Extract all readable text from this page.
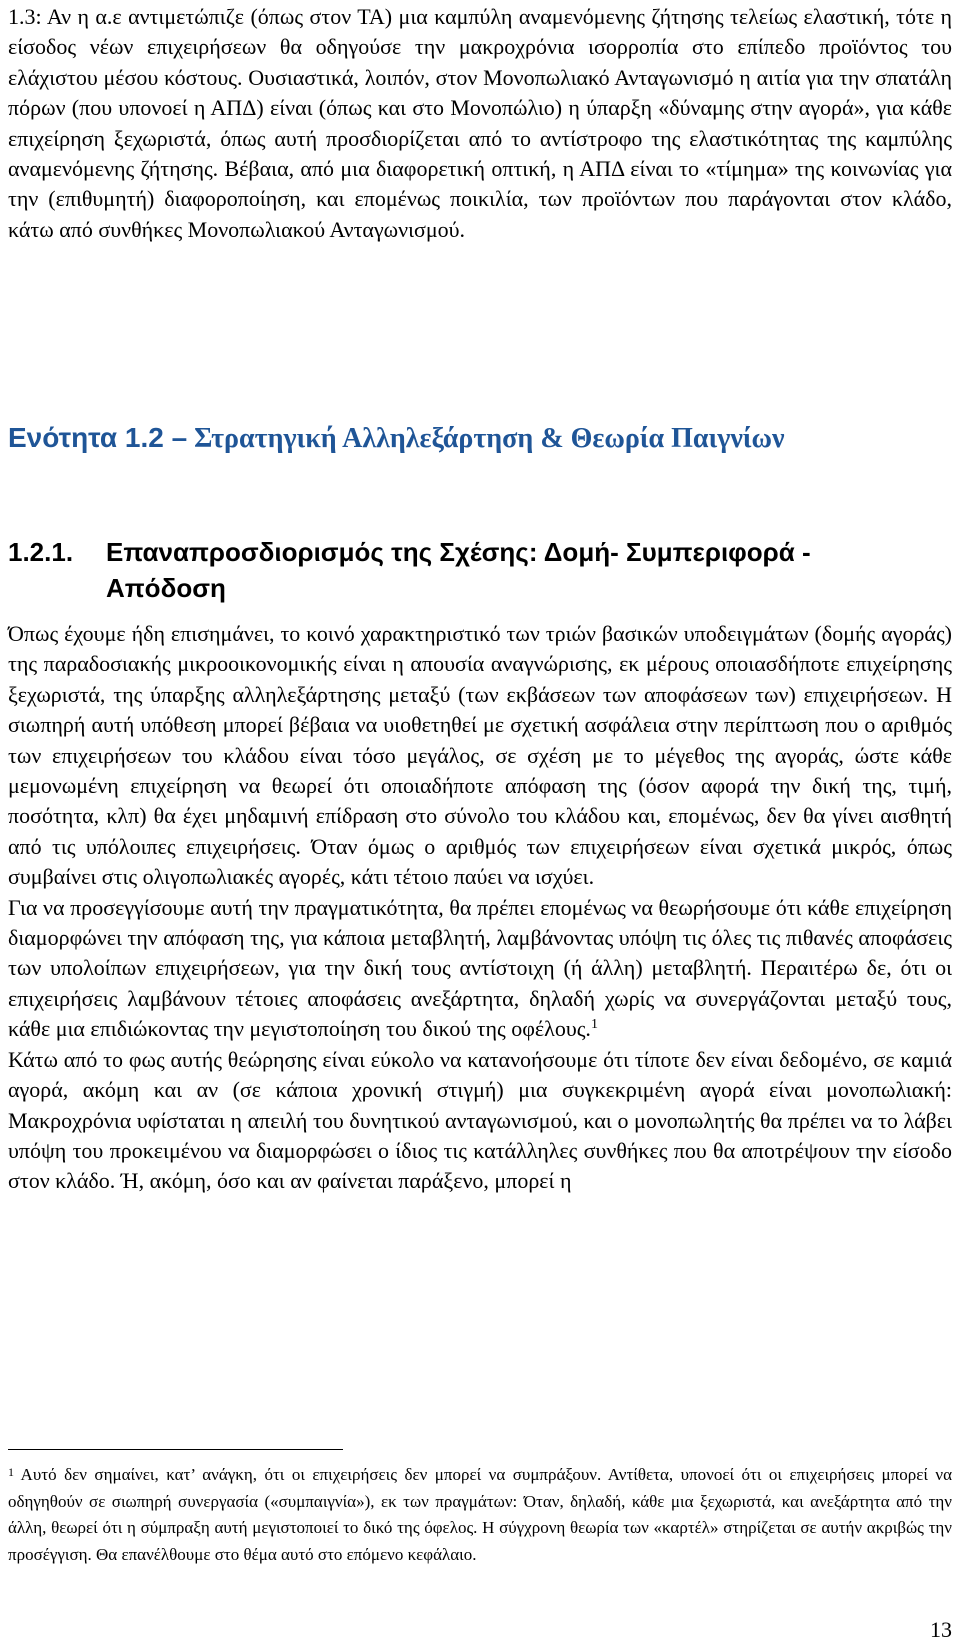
1.3: Αν η α.ε αντιμετώπιζε (όπως στον ΤΑ) μια καμπύλη αναμενόμενης ζήτησης τελείως ελαστική, τότε η είσοδος νέων επιχειρήσεων θα οδηγούσε την μακροχρόνια ισορροπία στο επίπεδο προϊόντος του ελάχιστου μέσου κόστους. Ουσιαστικά, λοιπόν, στον Μονοπωλιακό Ανταγωνισμό η αιτία για την σπατάλη πόρων (που υπονοεί η ΑΠΔ) είναι (όπως και στο Μονοπώλιο) η ύπαρξη «δύναμης στην αγορά», για κάθε επιχείρηση ξεχωριστά, όπως αυτή προσδιορίζεται από το αντίστροφο της ελαστικότητας της καμπύλης αναμενόμενης ζήτησης. Βέβαια, από μια διαφορετική οπτική, η ΑΠΔ είναι το «τίμημα» της κοινωνίας για την (επιθυμητή) διαφοροποίηση, και επομένως ποικιλία, των προϊόντων που παράγονται στον κλάδο, κάτω από συνθήκες Μονοπωλιακού Ανταγωνισμού.

Ενότητα 1.2 – Στρατηγική Αλληλεξάρτηση & Θεωρία Παιγνίων
1.2.1. Επαναπροσδιορισμός της Σχέσης: Δομή- Συμπεριφορά -
Απόδοση

Όπως έχουμε ήδη επισημάνει, το κοινό χαρακτηριστικό των τριών βασικών υποδειγμάτων (δομής αγοράς) της παραδοσιακής μικροοικονομικής είναι η απουσία αναγνώρισης, εκ μέρους οποιασδήποτε επιχείρησης ξεχωριστά, της ύπαρξης αλληλεξάρτησης μεταξύ (των εκβάσεων των αποφάσεων των) επιχειρήσεων. Η σιωπηρή αυτή υπόθεση μπορεί βέβαια να υιοθετηθεί με σχετική ασφάλεια στην περίπτωση που ο αριθμός των επιχειρήσεων του κλάδου είναι τόσο μεγάλος, σε σχέση με το μέγεθος της αγοράς, ώστε κάθε μεμονωμένη επιχείρηση να θεωρεί ότι οποιαδήποτε απόφαση της (όσον αφορά την δική της, τιμή, ποσότητα, κλπ) θα έχει μηδαμινή επίδραση στο σύνολο του κλάδου και, επομένως, δεν θα γίνει αισθητή από τις υπόλοιπες επιχειρήσεις. Όταν όμως ο αριθμός των επιχειρήσεων είναι σχετικά μικρός, όπως συμβαίνει στις ολιγοπωλιακές αγορές, κάτι τέτοιο παύει να ισχύει.

Για να προσεγγίσουμε αυτή την πραγματικότητα, θα πρέπει επομένως να θεωρήσουμε ότι κάθε επιχείρηση διαμορφώνει την απόφαση της, για κάποια μεταβλητή, λαμβάνοντας υπόψη τις όλες τις πιθανές αποφάσεις των υπολοίπων επιχειρήσεων, για την δική τους αντίστοιχη (ή άλλη) μεταβλητή. Περαιτέρω δε, ότι οι επιχειρήσεις λαμβάνουν τέτοιες αποφάσεις ανεξάρτητα, δηλαδή χωρίς να συνεργάζονται μεταξύ τους, κάθε μια επιδιώκοντας την μεγιστοποίηση του δικού της οφέλους.$^1$

Κάτω από το φως αυτής θεώρησης είναι εύκολο να κατανοήσουμε ότι τίποτε δεν είναι δεδομένο, σε καμιά αγορά, ακόμη και αν (σε κάποια χρονική στιγμή) μια συγκεκριμένη αγορά είναι μονοπωλιακή: Μακροχρόνια υφίσταται η απειλή του δυνητικού ανταγωνισμού, και ο μονοπωλητής θα πρέπει να το λάβει υπόψη του προκειμένου να διαμορφώσει ο ίδιος τις κατάλληλες συνθήκες που θα αποτρέψουν την είσοδο στον κλάδο. Ή, ακόμη, όσο και αν φαίνεται παράξενο, μπορεί η

$^1$ Αυτό δεν σημαίνει, κατ’ ανάγκη, ότι οι επιχειρήσεις δεν μπορεί να συμπράξουν. Αντίθετα, υπονοεί ότι οι επιχειρήσεις μπορεί να οδηγηθούν σε σιωπηρή συνεργασία («συμπαιγνία»), εκ των πραγμάτων: Όταν, δηλαδή, κάθε μια ξεχωριστά, και ανεξάρτητα από την άλλη, θεωρεί ότι η σύμπραξη αυτή μεγιστοποιεί το δικό της όφελος. Η σύγχρονη θεωρία των «καρτέλ» στηρίζεται σε αυτήν ακριβώς την προσέγγιση. Θα επανέλθουμε στο θέμα αυτό στο επόμενο κεφάλαιο.

13
